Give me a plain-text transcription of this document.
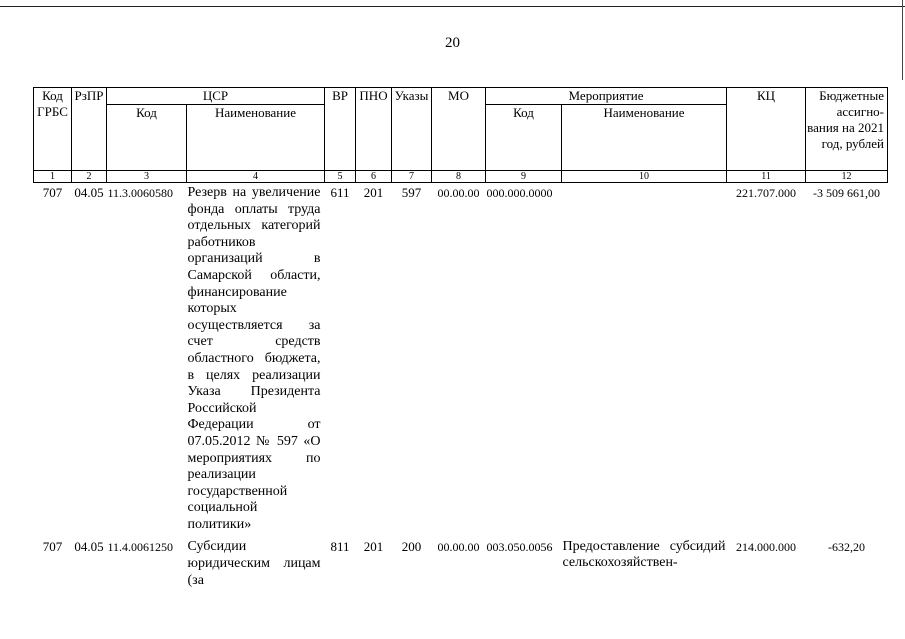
20
Код ГРБС	РзПР	ЦСР		ВР	ПНО	Указы	МО	Мероприятие		КЦ	Бюджетные ассигно-вания на 2021 год, рублей
		Код	Наименование					Код	Наименование		
1	2	3	4	5	6	7	8	9	10	11	12
707	04.05	11.3.0060580	Резерв на увеличение фонда оплаты труда отдельных категорий работников организаций в Самарской области, финансирование которых осуществляется за счет средств областного бюджета, в целях реализации Указа Президента Российской Федерации от 07.05.2012 № 597 «О мероприятиях по реализации государственной социальной политики»	611	201	597	00.00.00	000.000.0000		221.707.000	-3 509 661,00
707	04.05	11.4.0061250	Субсидии юридическим лицам (за	811	201	200	00.00.00	003.050.0056	Предоставление субсидий сельскохозяйствен-	214.000.000	-632,20
